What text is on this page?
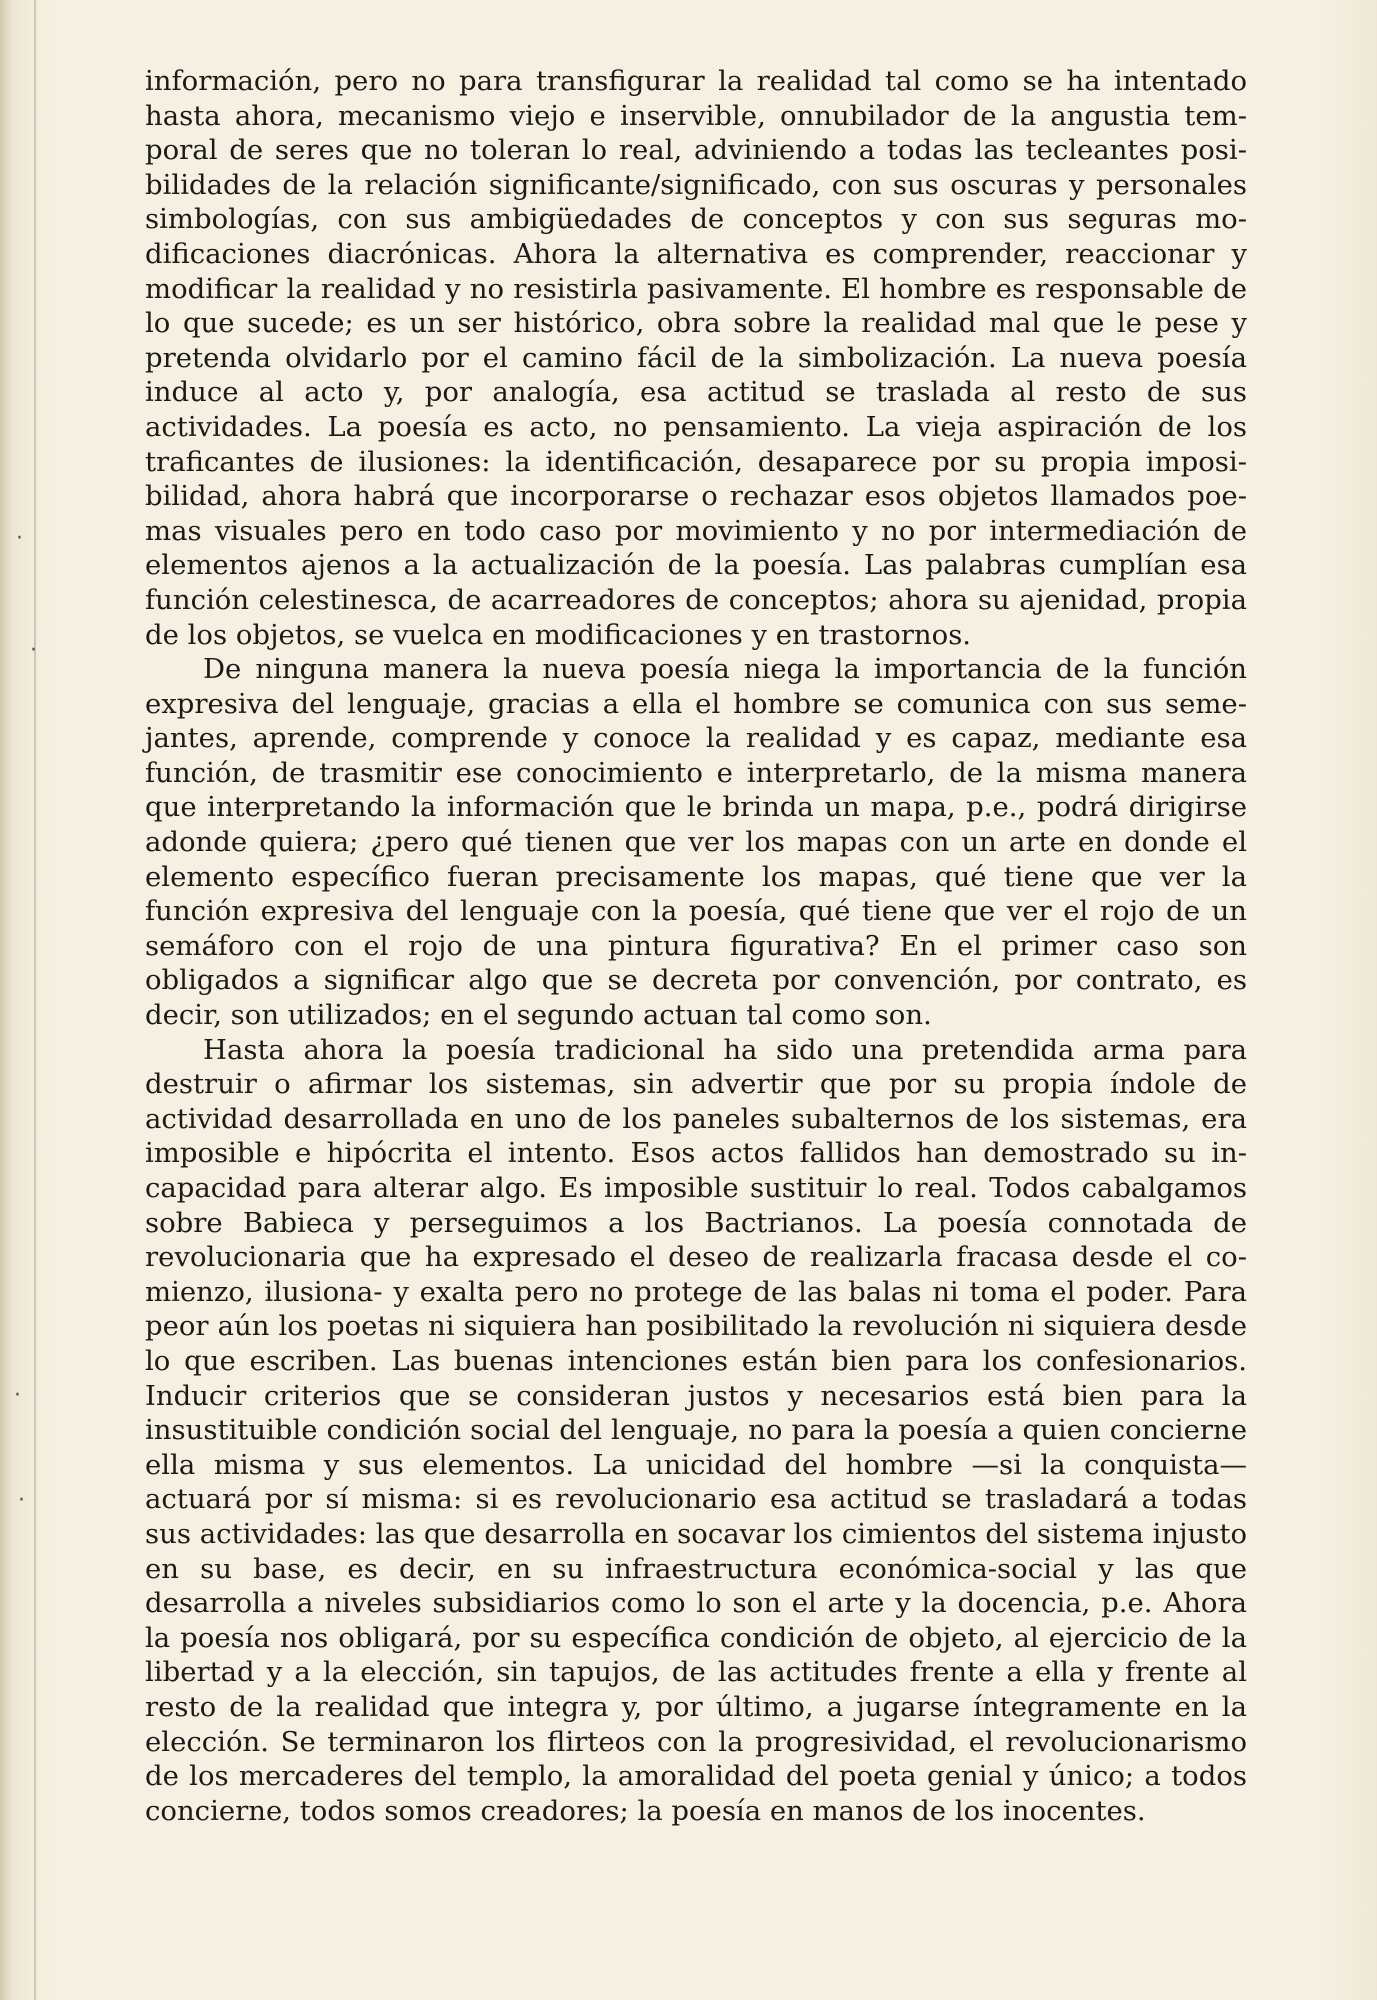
·
·
·
·

información, pero no para transfigurar la realidad tal como se ha intentado hasta ahora, mecanismo viejo e inservible, onnubilador de la angustia temporal de seres que no toleran lo real, adviniendo a todas las tecleantes posibilidades de la relación significante/significado, con sus oscuras y personales simbologías, con sus ambigüedades de conceptos y con sus seguras modificaciones diacrónicas. Ahora la alternativa es comprender, reaccionar y modificar la realidad y no resistirla pasivamente. El hombre es responsable de lo que sucede; es un ser histórico, obra sobre la realidad mal que le pese y pretenda olvidarlo por el camino fácil de la simbolización. La nueva poesía induce al acto y, por analogía, esa actitud se traslada al resto de sus actividades. La poesía es acto, no pensamiento. La vieja aspiración de los traficantes de ilusiones: la identificación, desaparece por su propia imposibilidad, ahora habrá que incorporarse o rechazar esos objetos llamados poemas visuales pero en todo caso por movimiento y no por intermediación de elementos ajenos a la actualización de la poesía. Las palabras cumplían esa función celestinesca, de acarreadores de conceptos; ahora su ajenidad, propia de los objetos, se vuelca en modificaciones y en trastornos.

De ninguna manera la nueva poesía niega la importancia de la función expresiva del lenguaje, gracias a ella el hombre se comunica con sus semejantes, aprende, comprende y conoce la realidad y es capaz, mediante esa función, de trasmitir ese conocimiento e interpretarlo, de la misma manera que interpretando la información que le brinda un mapa, p.e., podrá dirigirse adonde quiera; ¿pero qué tienen que ver los mapas con un arte en donde el elemento específico fueran precisamente los mapas, qué tiene que ver la función expresiva del lenguaje con la poesía, qué tiene que ver el rojo de un semáforo con el rojo de una pintura figurativa? En el primer caso son obligados a significar algo que se decreta por convención, por contrato, es decir, son utilizados; en el segundo actuan tal como son.

Hasta ahora la poesía tradicional ha sido una pretendida arma para destruir o afirmar los sistemas, sin advertir que por su propia índole de actividad desarrollada en uno de los paneles subalternos de los sistemas, era imposible e hipócrita el intento. Esos actos fallidos han demostrado su incapacidad para alterar algo. Es imposible sustituir lo real. Todos cabalgamos sobre Babieca y perseguimos a los Bactrianos. La poesía connotada de revolucionaria que ha expresado el deseo de realizarla fracasa desde el comienzo, ilusiona- y exalta pero no protege de las balas ni toma el poder. Para peor aún los poetas ni siquiera han posibilitado la revolución ni siquiera desde lo que escriben. Las buenas intenciones están bien para los confesionarios. Inducir criterios que se consideran justos y necesarios está bien para la insustituible condición social del lenguaje, no para la poesía a quien concierne ella misma y sus elementos. La unicidad del hombre —si la conquista— actuará por sí misma: si es revolucionario esa actitud se trasladará a todas sus actividades: las que desarrolla en socavar los cimientos del sistema injusto en su base, es decir, en su infraestructura económica-social y las que desarrolla a niveles subsidiarios como lo son el arte y la docencia, p.e. Ahora la poesía nos obligará, por su específica condición de objeto, al ejercicio de la libertad y a la elección, sin tapujos, de las actitudes frente a ella y frente al resto de la realidad que integra y, por último, a jugarse íntegramente en la elección. Se terminaron los flirteos con la progresividad, el revolucionarismo de los mercaderes del templo, la amoralidad del poeta genial y único; a todos concierne, todos somos creadores; la poesía en manos de los inocentes.
